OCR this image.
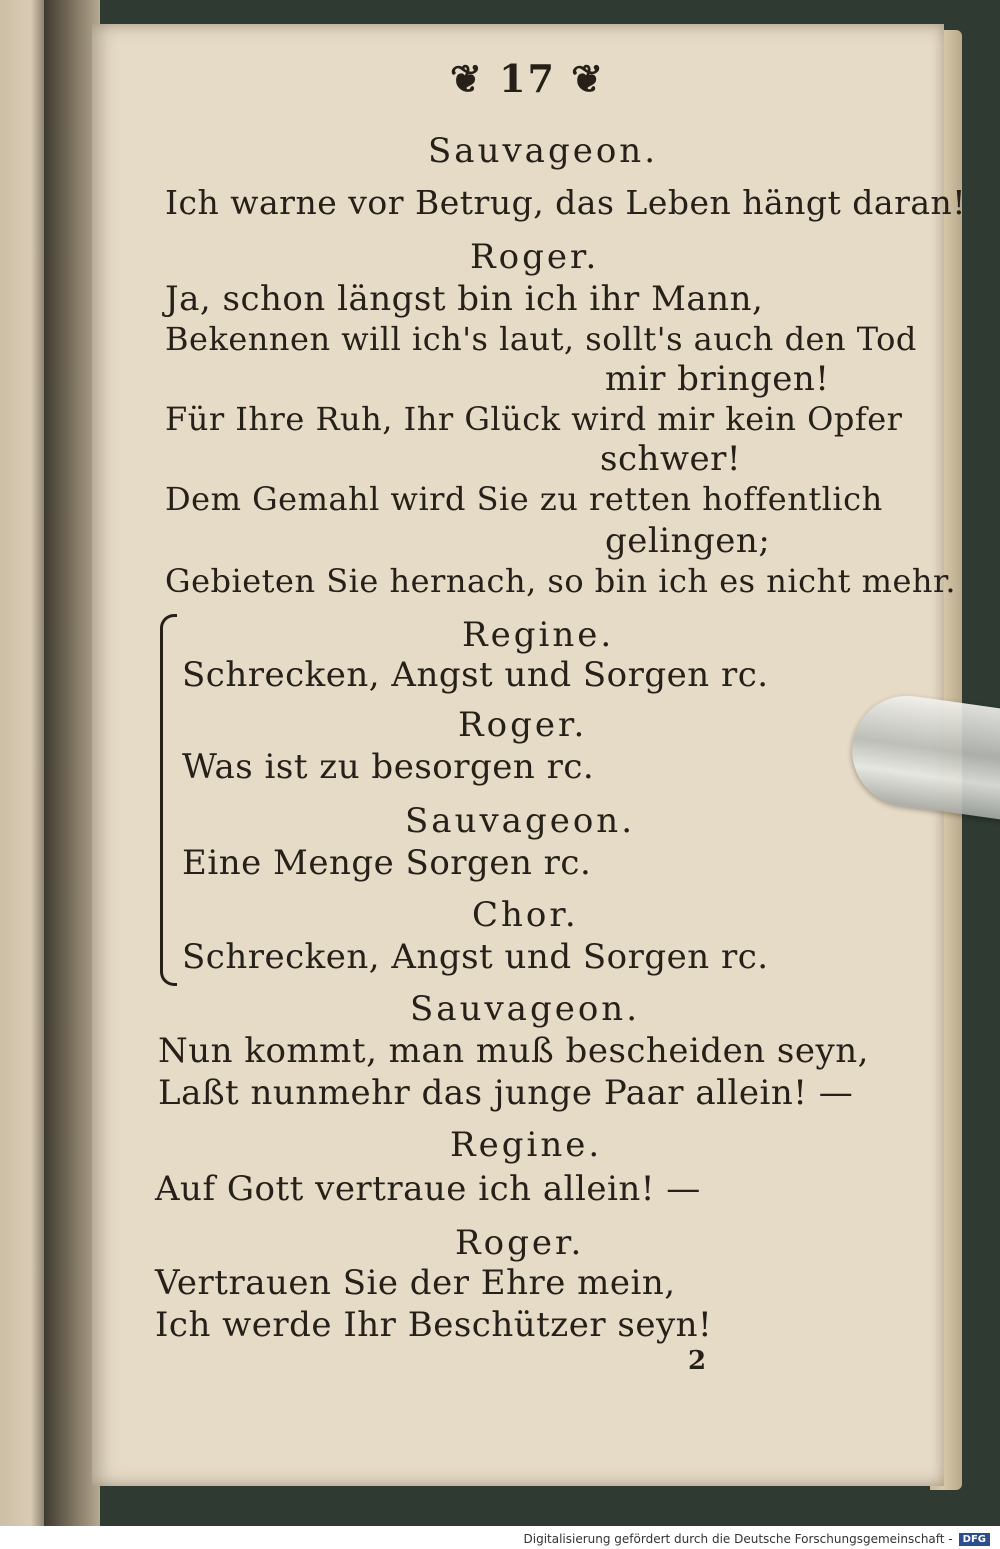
❦ 17 ❦
Sauvageon.
Ich warne vor Betrug, das Leben hängt daran!
Roger.
Ja, schon längst bin ich ihr Mann,
Bekennen will ich's laut, sollt's auch den Tod
mir bringen!
Für Ihre Ruh, Ihr Glück wird mir kein Opfer
schwer!
Dem Gemahl wird Sie zu retten hoffentlich
gelingen;
Gebieten Sie hernach, so bin ich es nicht mehr.
Regine.
Schrecken, Angst und Sorgen rc.
Roger.
Was ist zu besorgen rc.
Sauvageon.
Eine Menge Sorgen rc.
Chor.
Schrecken, Angst und Sorgen rc.
Sauvageon.
Nun kommt, man muß bescheiden seyn,
Laßt nunmehr das junge Paar allein! —
Regine.
Auf Gott vertraue ich allein! —
Roger.
Vertrauen Sie der Ehre mein,
Ich werde Ihr Beschützer seyn!
2
Digitalisierung gefördert durch die Deutsche Forschungsgemeinschaft -	DFG
